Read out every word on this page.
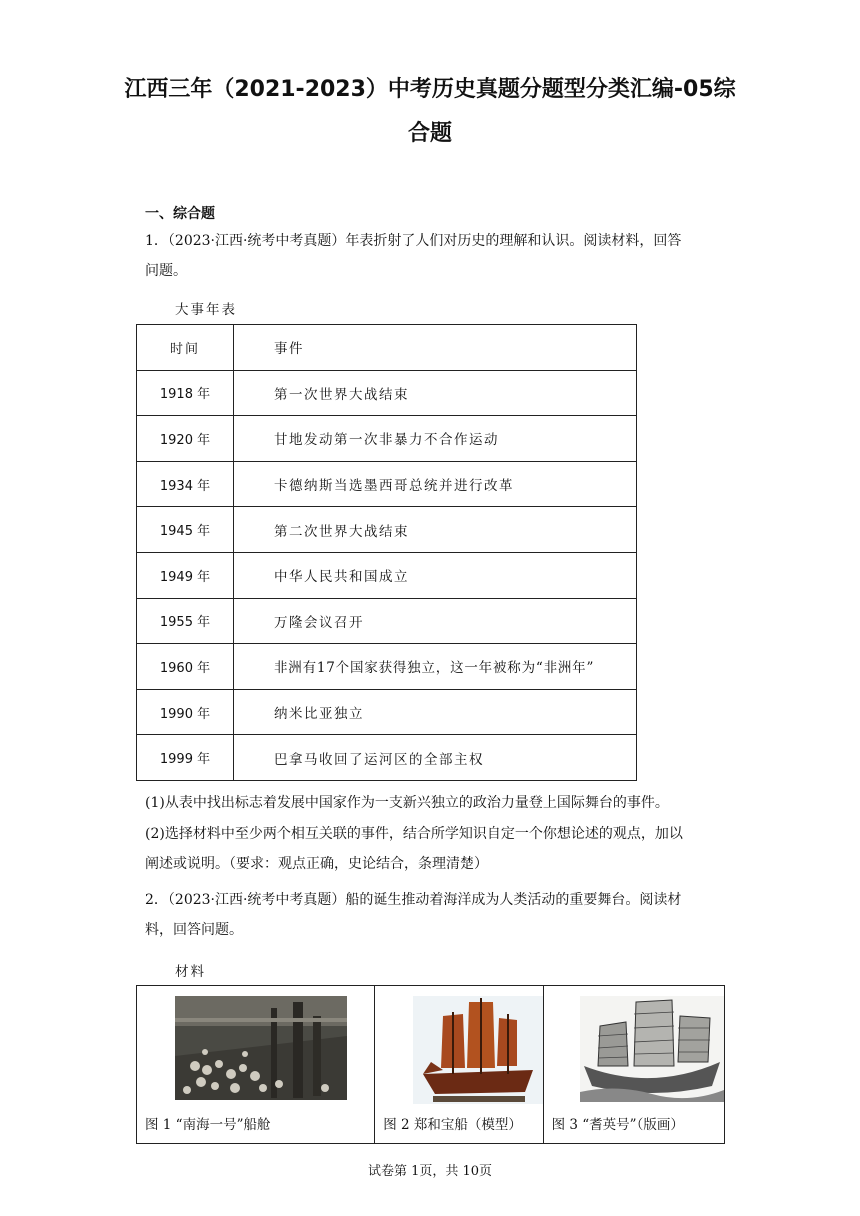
江西三年（2021-2023）中考历史真题分题型分类汇编-05综
合题
一、综合题
1．（2023·江西·统考中考真题）年表折射了人们对历史的理解和认识。阅读材料，回答
问题。
大事年表
时间	事件
1918 年	第一次世界大战结束
1920 年	甘地发动第一次非暴力不合作运动
1934 年	卡德纳斯当选墨西哥总统并进行改革
1945 年	第二次世界大战结束
1949 年	中华人民共和国成立
1955 年	万隆会议召开
1960 年	非洲有17个国家获得独立，这一年被称为“非洲年”
1990 年	纳米比亚独立
1999 年	巴拿马收回了运河区的全部主权
(1)从表中找出标志着发展中国家作为一支新兴独立的政治力量登上国际舞台的事件。
(2)选择材料中至少两个相互关联的事件，结合所学知识自定一个你想论述的观点，加以
阐述或说明。（要求：观点正确，史论结合，条理清楚）
2．（2023·江西·统考中考真题）船的诞生推动着海洋成为人类活动的重要舞台。阅读材
料，回答问题。
材料
图 1 “南海一号”船舱	图 2 郑和宝船（模型）	图 3 “耆英号”（版画）
试卷第 1页，共 10页
